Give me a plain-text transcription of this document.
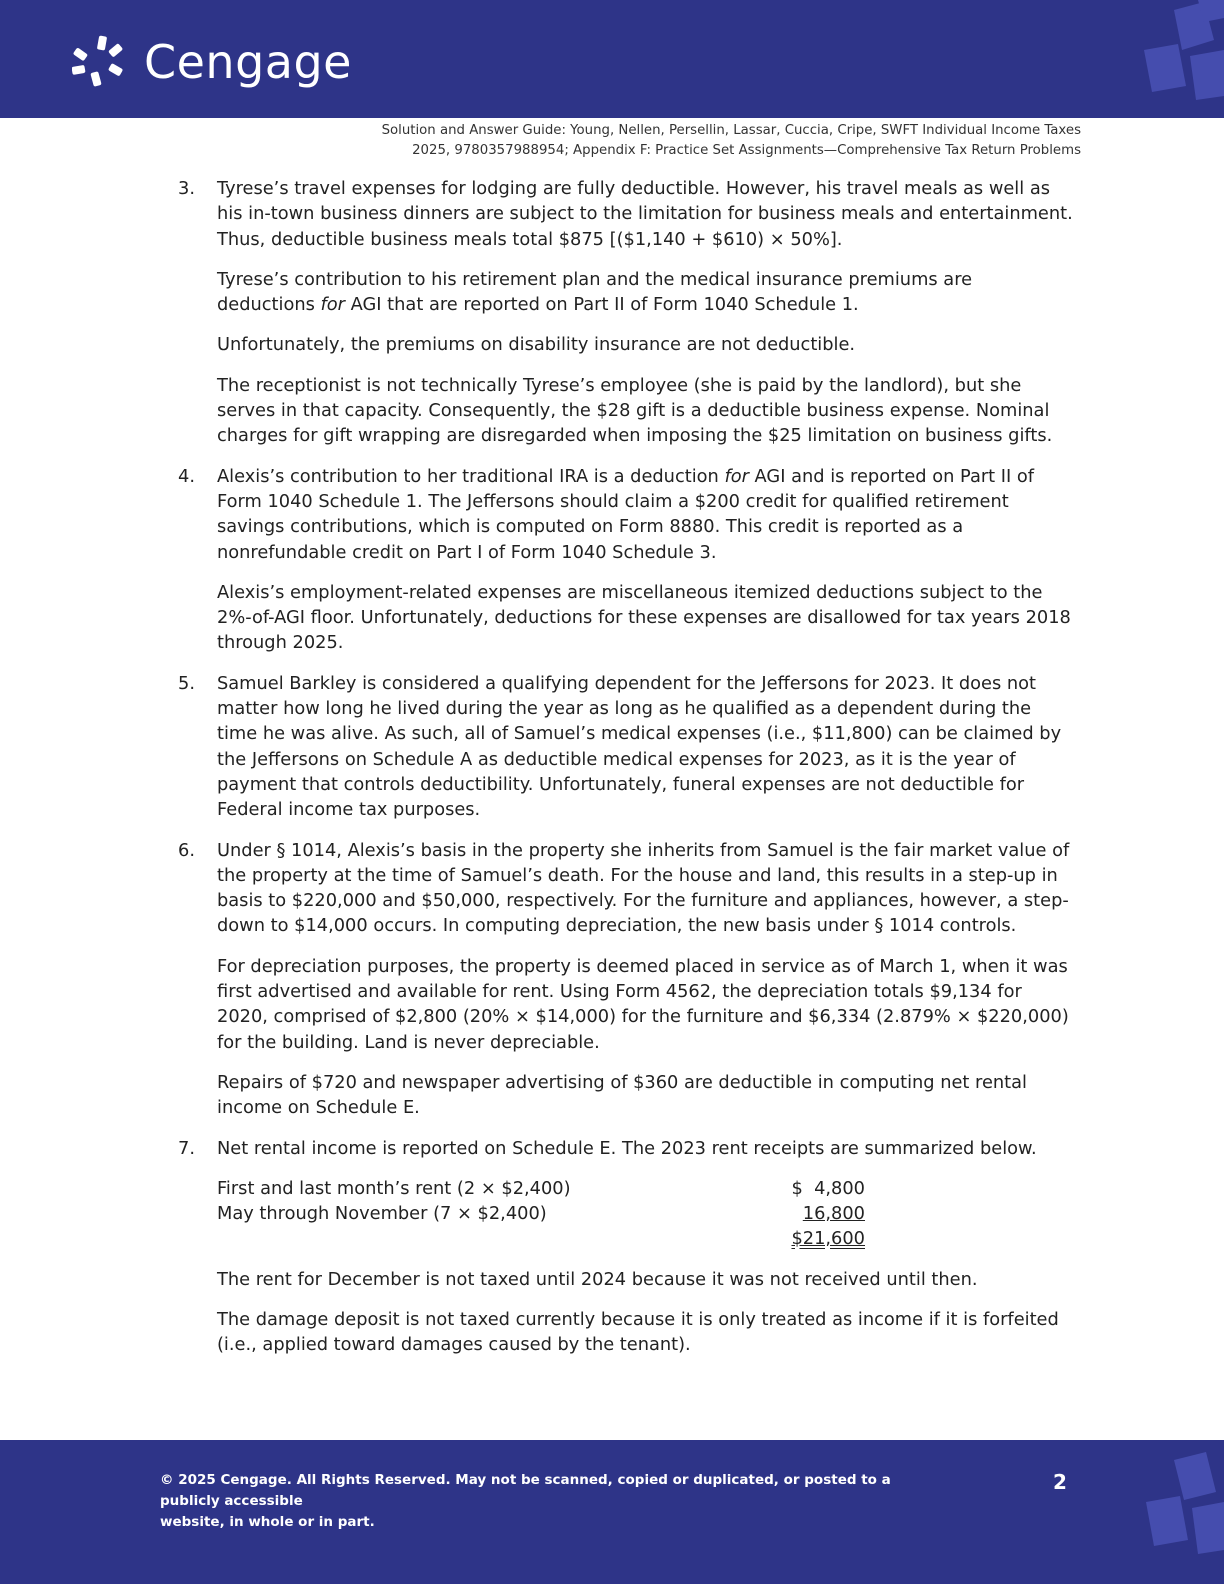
Cengage
Solution and Answer Guide: Young, Nellen, Persellin, Lassar, Cuccia, Cripe, SWFT Individual Income Taxes
2025, 9780357988954; Appendix F: Practice Set Assignments—Comprehensive Tax Return Problems
3.	Tyrese’s travel expenses for lodging are fully deductible. However, his travel meals as well as his in-town business dinners are subject to the limitation for business meals and entertainment. Thus, deductible business meals total $875 [($1,140 + $610) × 50%].

Tyrese’s contribution to his retirement plan and the medical insurance premiums are deductions for AGI that are reported on Part II of Form 1040 Schedule 1.

Unfortunately, the premiums on disability insurance are not deductible.

The receptionist is not technically Tyrese’s employee (she is paid by the landlord), but she serves in that capacity. Consequently, the $28 gift is a deductible business expense. Nominal charges for gift wrapping are disregarded when imposing the $25 limitation on business gifts.

4.	Alexis’s contribution to her traditional IRA is a deduction for AGI and is reported on Part II of Form 1040 Schedule 1. The Jeffersons should claim a $200 credit for qualified retirement savings contributions, which is computed on Form 8880. This credit is reported as a nonrefundable credit on Part I of Form 1040 Schedule 3.

Alexis’s employment-related expenses are miscellaneous itemized deductions subject to the 2%-of-AGI floor. Unfortunately, deductions for these expenses are disallowed for tax years 2018 through 2025.

5.	Samuel Barkley is considered a qualifying dependent for the Jeffersons for 2023. It does not matter how long he lived during the year as long as he qualified as a dependent during the time he was alive. As such, all of Samuel’s medical expenses (i.e., $11,800) can be claimed by the Jeffersons on Schedule A as deductible medical expenses for 2023, as it is the year of payment that controls deductibility. Unfortunately, funeral expenses are not deductible for Federal income tax purposes.

6.	Under § 1014, Alexis’s basis in the property she inherits from Samuel is the fair market value of the property at the time of Samuel’s death. For the house and land, this results in a step-up in basis to $220,000 and $50,000, respectively. For the furniture and appliances, however, a step-down to $14,000 occurs. In computing depreciation, the new basis under § 1014 controls.

For depreciation purposes, the property is deemed placed in service as of March 1, when it was first advertised and available for rent. Using Form 4562, the depreciation totals $9,134 for 2020, comprised of $2,800 (20% × $14,000) for the furniture and $6,334 (2.879% × $220,000) for the building. Land is never depreciable.

Repairs of $720 and newspaper advertising of $360 are deductible in computing net rental income on Schedule E.

7.	Net rental income is reported on Schedule E. The 2023 rent receipts are summarized below.

First and last month’s rent (2 × $2,400)	$  4,800
May through November (7 × $2,400)	16,800
$21,600

The rent for December is not taxed until 2024 because it was not received until then.

The damage deposit is not taxed currently because it is only treated as income if it is forfeited (i.e., applied toward damages caused by the tenant).

© 2025 Cengage. All Rights Reserved. May not be scanned, copied or duplicated, or posted to a publicly accessible
website, in whole or in part.
2
